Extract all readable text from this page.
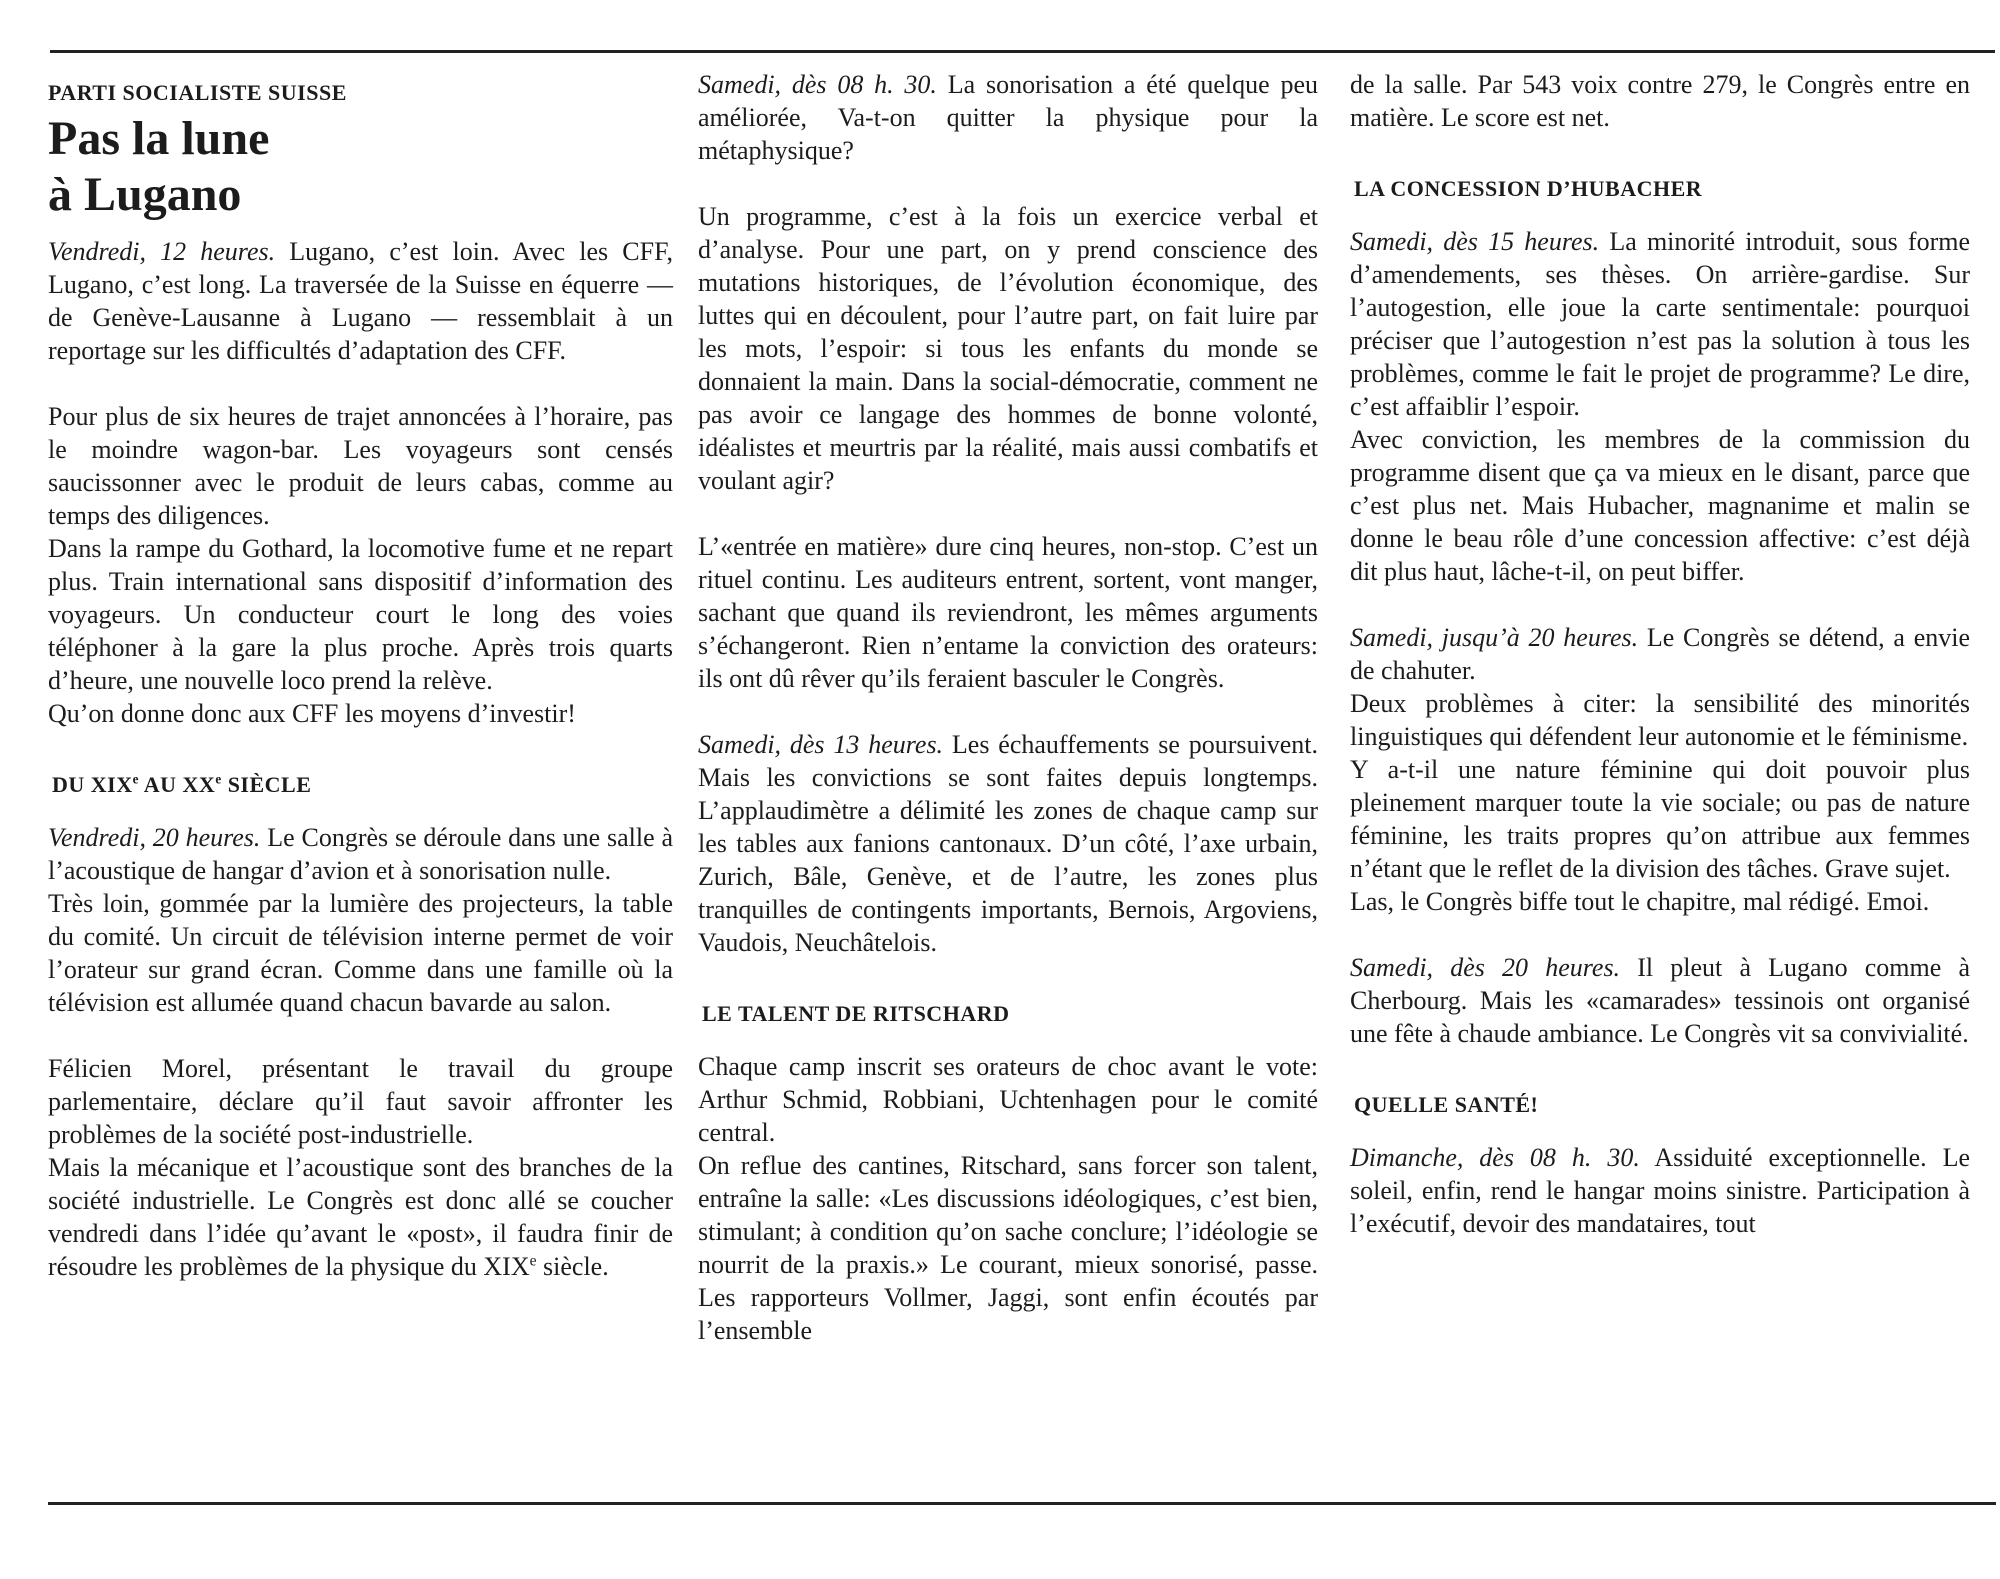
PARTI SOCIALISTE SUISSE
Pas la lune
à Lugano

Vendredi, 12 heures. Lugano, c’est loin. Avec les CFF, Lugano, c’est long. La traversée de la Suisse en équerre — de Genève-Lausanne à Lugano — ressemblait à un reportage sur les difficultés d’adaptation des CFF.

Pour plus de six heures de trajet annoncées à l’horaire, pas le moindre wagon-bar. Les voyageurs sont censés saucissonner avec le produit de leurs cabas, comme au temps des diligences.

Dans la rampe du Gothard, la locomotive fume et ne repart plus. Train international sans dispositif d’information des voyageurs. Un conducteur court le long des voies téléphoner à la gare la plus proche. Après trois quarts d’heure, une nouvelle loco prend la relève.

Qu’on donne donc aux CFF les moyens d’investir!

DU XIXe AU XXe SIÈCLE

Vendredi, 20 heures. Le Congrès se déroule dans une salle à l’acoustique de hangar d’avion et à sonorisation nulle.

Très loin, gommée par la lumière des projecteurs, la table du comité. Un circuit de télévision interne permet de voir l’orateur sur grand écran. Comme dans une famille où la télévision est allumée quand chacun bavarde au salon.

Félicien Morel, présentant le travail du groupe parlementaire, déclare qu’il faut savoir affronter les problèmes de la société post-industrielle.

Mais la mécanique et l’acoustique sont des branches de la société industrielle. Le Congrès est donc allé se coucher vendredi dans l’idée qu’avant le «post», il faudra finir de résoudre les problèmes de la physique du XIXe siècle.

Samedi, dès 08 h. 30. La sonorisation a été quelque peu améliorée, Va-t-on quitter la physique pour la métaphysique?

Un programme, c’est à la fois un exercice verbal et d’analyse. Pour une part, on y prend conscience des mutations historiques, de l’évolution économique, des luttes qui en découlent, pour l’autre part, on fait luire par les mots, l’espoir: si tous les enfants du monde se donnaient la main. Dans la social-démocratie, comment ne pas avoir ce langage des hommes de bonne volonté, idéalistes et meurtris par la réalité, mais aussi combatifs et voulant agir?

L’«entrée en matière» dure cinq heures, non-stop. C’est un rituel continu. Les auditeurs entrent, sortent, vont manger, sachant que quand ils reviendront, les mêmes arguments s’échangeront. Rien n’entame la conviction des orateurs: ils ont dû rêver qu’ils feraient basculer le Congrès.

Samedi, dès 13 heures. Les échauffements se poursuivent. Mais les convictions se sont faites depuis longtemps. L’applaudimètre a délimité les zones de chaque camp sur les tables aux fanions cantonaux. D’un côté, l’axe urbain, Zurich, Bâle, Genève, et de l’autre, les zones plus tranquilles de contingents importants, Bernois, Argoviens, Vaudois, Neuchâtelois.

LE TALENT DE RITSCHARD

Chaque camp inscrit ses orateurs de choc avant le vote: Arthur Schmid, Robbiani, Uchtenhagen pour le comité central.

On reflue des cantines, Ritschard, sans forcer son talent, entraîne la salle: «Les discussions idéologiques, c’est bien, stimulant; à condition qu’on sache conclure; l’idéologie se nourrit de la praxis.» Le courant, mieux sonorisé, passe. Les rapporteurs Vollmer, Jaggi, sont enfin écoutés par l’ensemble

de la salle. Par 543 voix contre 279, le Congrès entre en matière. Le score est net.

LA CONCESSION D’HUBACHER

Samedi, dès 15 heures. La minorité introduit, sous forme d’amendements, ses thèses. On arrière-gardise. Sur l’autogestion, elle joue la carte sentimentale: pourquoi préciser que l’autogestion n’est pas la solution à tous les problèmes, comme le fait le projet de programme? Le dire, c’est affaiblir l’espoir.

Avec conviction, les membres de la commission du programme disent que ça va mieux en le disant, parce que c’est plus net. Mais Hubacher, magnanime et malin se donne le beau rôle d’une concession affective: c’est déjà dit plus haut, lâche-t-il, on peut biffer.

Samedi, jusqu’à 20 heures. Le Congrès se détend, a envie de chahuter.

Deux problèmes à citer: la sensibilité des minorités linguistiques qui défendent leur autonomie et le féminisme.

Y a-t-il une nature féminine qui doit pouvoir plus pleinement marquer toute la vie sociale; ou pas de nature féminine, les traits propres qu’on attribue aux femmes n’étant que le reflet de la division des tâches. Grave sujet.

Las, le Congrès biffe tout le chapitre, mal rédigé. Emoi.

Samedi, dès 20 heures. Il pleut à Lugano comme à Cherbourg. Mais les «camarades» tessinois ont organisé une fête à chaude ambiance. Le Congrès vit sa convivialité.

QUELLE SANTÉ!

Dimanche, dès 08 h. 30. Assiduité exceptionnelle. Le soleil, enfin, rend le hangar moins sinistre. Participation à l’exécutif, devoir des mandataires, tout
